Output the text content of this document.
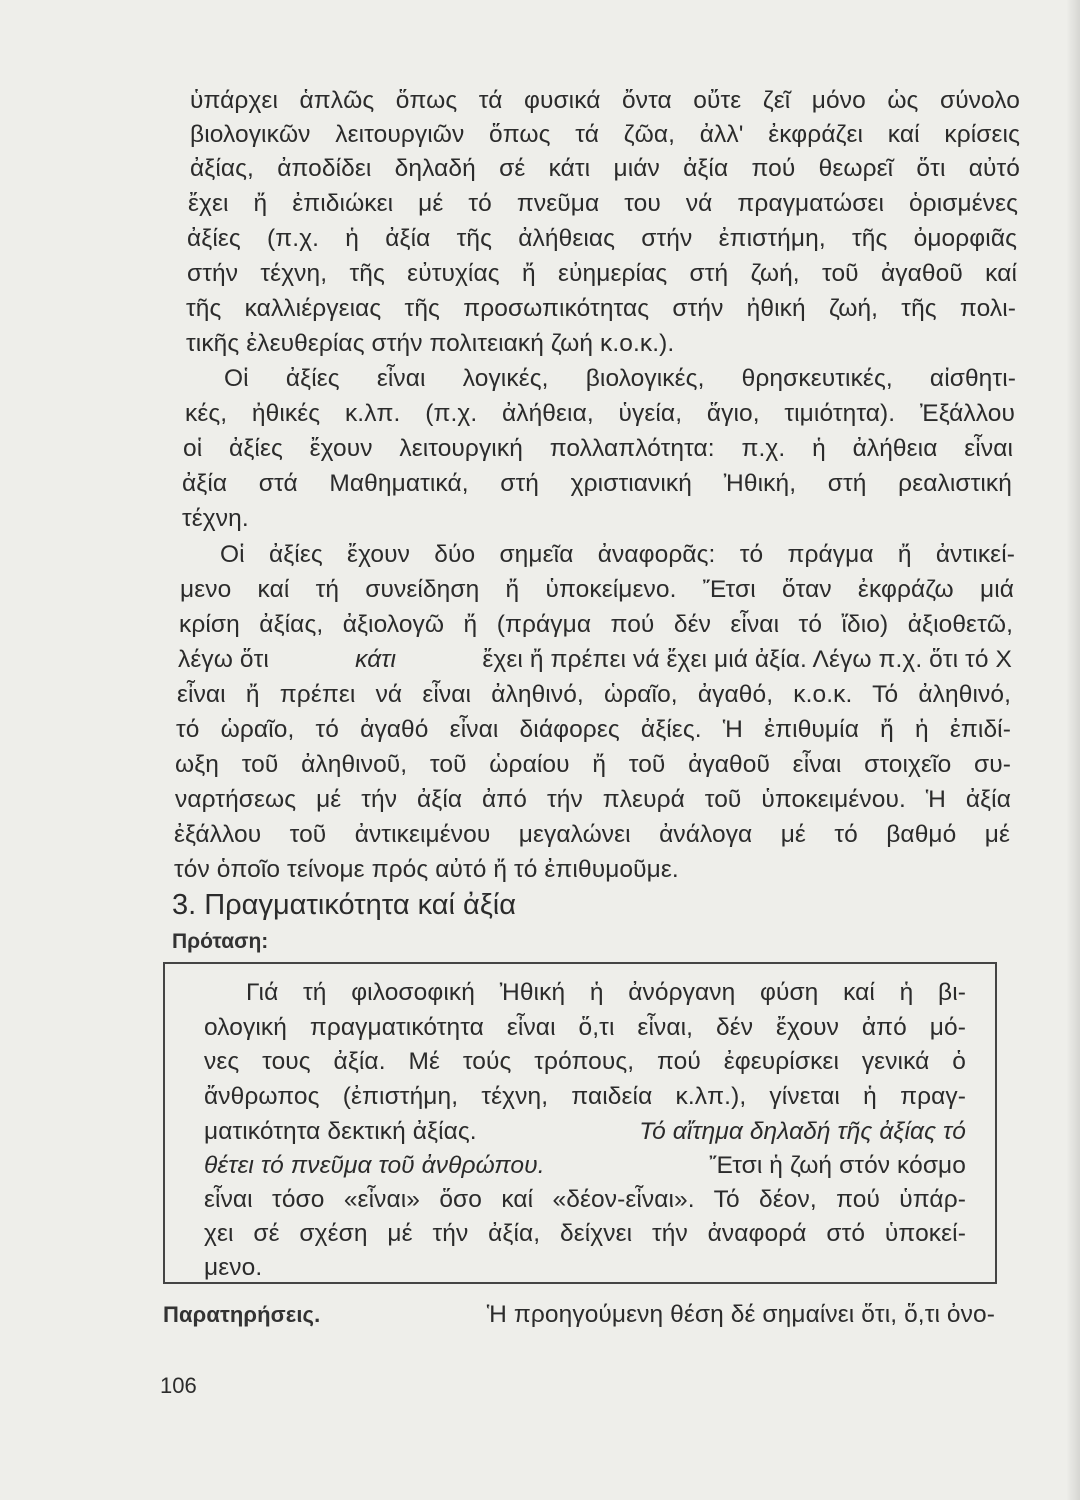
ὑπάρχει ἁπλῶς ὅπως τά φυσικά ὄντα οὔτε ζεῖ μόνο ὡς σύνολο
βιολογικῶν λειτουργιῶν ὅπως τά ζῶα, ἀλλ' ἐκφράζει καί κρίσεις
ἀξίας, ἀποδίδει δηλαδή σέ κάτι μιάν ἀξία πού θεωρεῖ ὅτι αὐτό
ἔχει ἤ ἐπιδιώκει μέ τό πνεῦμα του νά πραγματώσει ὁρισμένες
ἀξίες (π.χ. ἡ ἀξία τῆς ἀλήθειας στήν ἐπιστήμη, τῆς ὀμορφιᾶς
στήν τέχνη, τῆς εὐτυχίας ἤ εὐημερίας στή ζωή, τοῦ ἀγαθοῦ καί
τῆς καλλιέργειας τῆς προσωπικότητας στήν ἠθική ζωή, τῆς πολι-
τικῆς ἐλευθερίας στήν πολιτειακή ζωή κ.ο.κ.).
Οἱ ἀξίες εἶναι λογικές, βιολογικές, θρησκευτικές, αἰσθητι-
κές, ἠθικές κ.λπ. (π.χ. ἀλήθεια, ὑγεία, ἅγιο, τιμιότητα). Ἐξάλλου
οἱ ἀξίες ἔχουν λειτουργική πολλαπλότητα: π.χ. ἡ ἀλήθεια εἶναι
ἀξία στά Μαθηματικά, στή χριστιανική Ἠθική, στή ρεαλιστική
τέχνη.
Οἱ ἀξίες ἔχουν δύο σημεῖα ἀναφορᾶς: τό πράγμα ἤ ἀντικεί-
μενο καί τή συνείδηση ἤ ὑποκείμενο. Ἔτσι ὅταν ἐκφράζω μιά
κρίση ἀξίας, ἀξιολογῶ ἤ (πράγμα πού δέν εἶναι τό ἴδιο) ἀξιοθετῶ,
λέγω ὅτι	κάτι	ἔχει ἤ πρέπει νά ἔχει μιά ἀξία. Λέγω π.χ. ὅτι τό Χ
εἶναι ἤ πρέπει νά εἶναι ἀληθινό, ὡραῖο, ἀγαθό, κ.ο.κ. Τό ἀληθινό,
τό ὡραῖο, τό ἀγαθό εἶναι διάφορες ἀξίες. Ἡ ἐπιθυμία ἤ ἡ ἐπιδί-
ωξη τοῦ ἀληθινοῦ, τοῦ ὡραίου ἤ τοῦ ἀγαθοῦ εἶναι στοιχεῖο συ-
ναρτήσεως μέ τήν ἀξία ἀπό τήν πλευρά τοῦ ὑποκειμένου. Ἡ ἀξία
ἐξάλλου τοῦ ἀντικειμένου μεγαλώνει ἀνάλογα μέ τό βαθμό μέ
τόν ὁποῖο τείνομε πρός αὐτό ἤ τό ἐπιθυμοῦμε.
3. Πραγματικότητα καί ἀξία
Πρόταση:
Γιά τή φιλοσοφική Ἠθική ἡ ἀνόργανη φύση καί ἡ βι-
ολογική πραγματικότητα εἶναι ὅ,τι εἶναι, δέν ἔχουν ἀπό μό-
νες τους ἀξία. Μέ τούς τρόπους, πού ἐφευρίσκει γενικά ὁ
ἄνθρωπος (ἐπιστήμη, τέχνη, παιδεία κ.λπ.), γίνεται ἡ πραγ-
ματικότητα δεκτική ἀξίας.	Τό αἴτημα δηλαδή τῆς ἀξίας τό
θέτει τό πνεῦμα τοῦ ἀνθρώπου.	Ἔτσι ἡ ζωή στόν κόσμο
εἶναι τόσο «εἶναι» ὅσο καί «δέον-εἶναι». Τό δέον, πού ὑπάρ-
χει σέ σχέση μέ τήν ἀξία, δείχνει τήν ἀναφορά στό ὑποκεί-
μενο.
Παρατηρήσεις.	Ἡ προηγούμενη θέση δέ σημαίνει ὅτι, ὅ,τι ὀνο-
106
